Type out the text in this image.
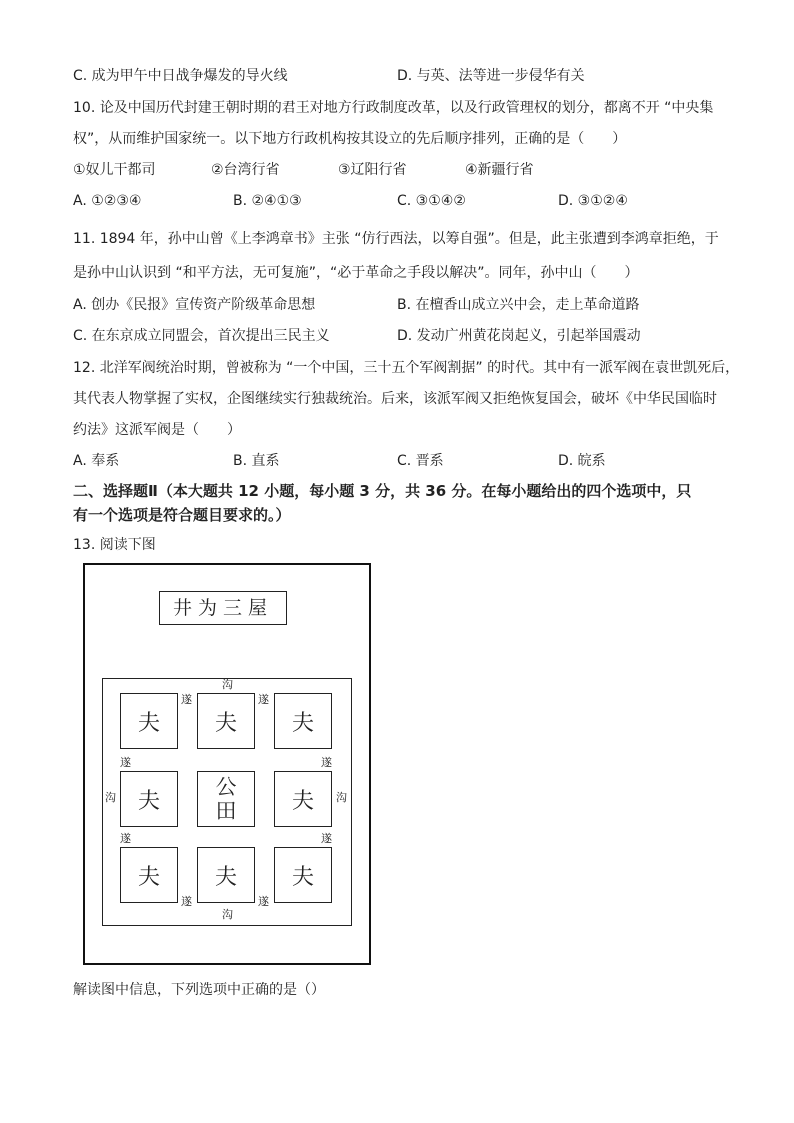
C. 成为甲午中日战争爆发的导火线	D. 与英、法等进一步侵华有关
10. 论及中国历代封建王朝时期的君王对地方行政制度改革，以及行政管理权的划分，都离不开 “中央集
权”，从而维护国家统一。以下地方行政机构按其设立的先后顺序排列，正确的是（　　）
①奴儿干都司	②台湾行省	③辽阳行省	④新疆行省
A. ①②③④	B. ②④①③	C. ③①④②	D. ③①②④
11. 1894 年，孙中山曾《上李鸿章书》主张 “仿行西法，以筹自强”。但是，此主张遭到李鸿章拒绝，于
是孙中山认识到 “和平方法，无可复施”，“必于革命之手段以解决”。同年，孙中山（　　）
A. 创办《民报》宣传资产阶级革命思想	B. 在檀香山成立兴中会，走上革命道路
C. 在东京成立同盟会，首次提出三民主义	D. 发动广州黄花岗起义，引起举国震动
12. 北洋军阀统治时期，曾被称为 “一个中国，三十五个军阀割据” 的时代。其中有一派军阀在袁世凯死后，
其代表人物掌握了实权，企图继续实行独裁统治。后来，该派军阀又拒绝恢复国会，破坏《中华民国临时
约法》这派军阀是（　　）
A. 奉系	B. 直系	C. 晋系	D. 皖系
二、选择题Ⅱ（本大题共 12 小题，每小题 3 分，共 36 分。在每小题给出的四个选项中，只
有一个选项是符合题目要求的。）
13. 阅读下图
井为三屋
夫	夫	夫
夫
公
田	夫
夫	夫	夫
沟
沟
沟	沟
遂	遂
遂	遂
遂	遂
遂	遂
解读图中信息，下列选项中正确的是（）
